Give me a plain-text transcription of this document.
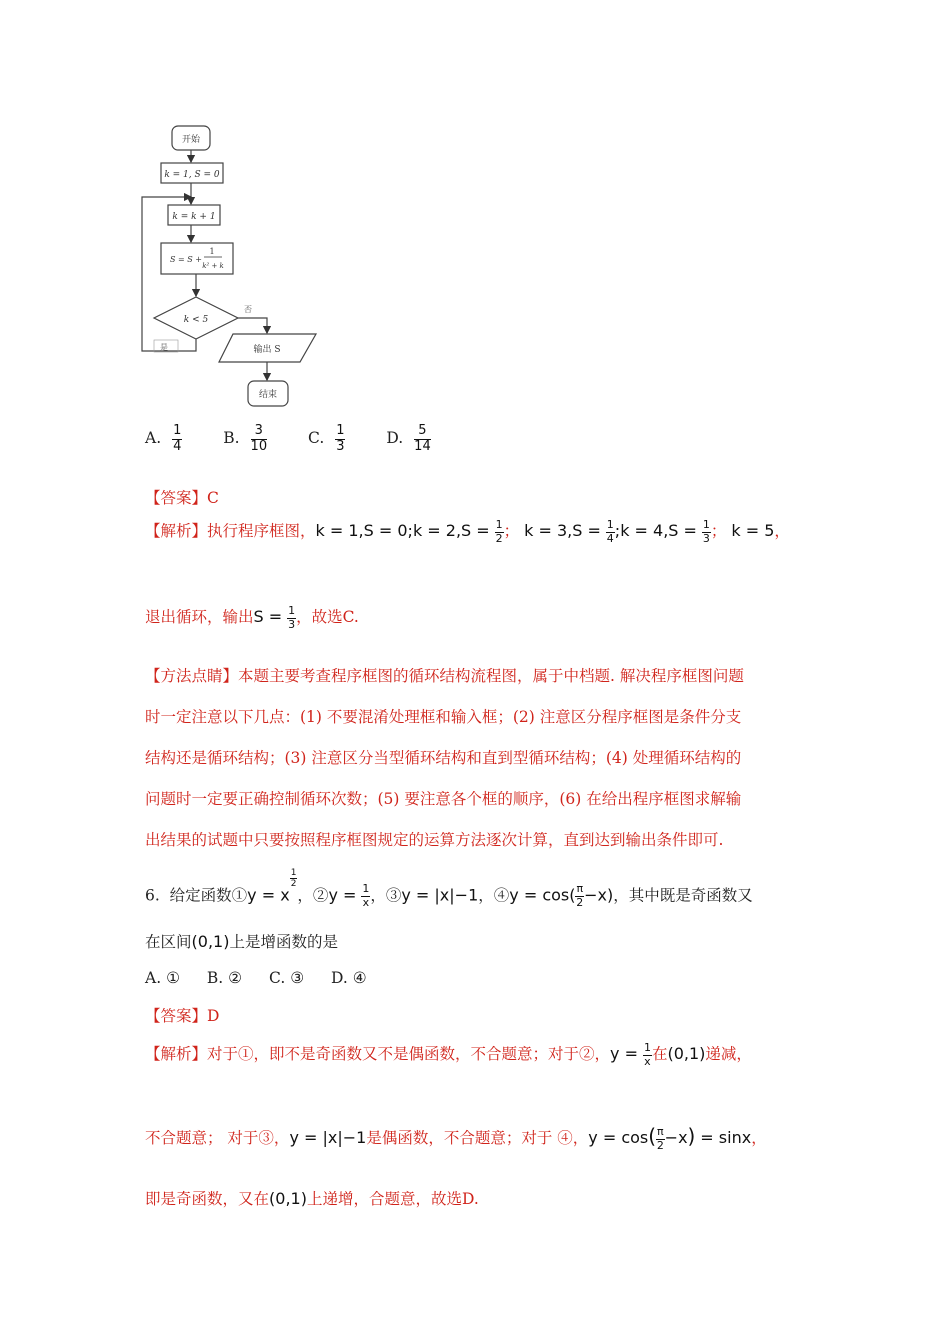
开始
k = 1, S = 0
k = k + 1
S = S +
1
k² + k
k < 5
否
是	输出 S
结束
A. $\frac{1}{4}$	B. $\frac{3}{10}$	C. $\frac{1}{3}$	D. $\frac{5}{14}$
【答案】C
【解析】执行程序框图，k = 1,S = 0;k = $2,S = \frac{1}{2}$ ； $k = 3,S = \frac{1}{4}$ ;k = $4,S = \frac{1}{3}$ ； k = 5，
退出循环，输出$S = \frac{1}{3}$ ，故选C.
【方法点睛】本题主要考查程序框图的循环结构流程图，属于中档题. 解决程序框图问题
时一定注意以下几点：(1) 不要混淆处理框和输入框；(2) 注意区分程序框图是条件分支
结构还是循环结构；(3) 注意区分当型循环结构和直到型循环结构；(4) 处理循环结构的
问题时一定要正确控制循环次数；(5) 要注意各个框的顺序，(6) 在给出程序框图求解输
出结果的试题中只要按照程序框图规定的运算方法逐次计算，直到达到输出条件即可.
6. 给定函数①y = x
$^{\frac{1}{2}}$
，②y = $\frac{1}{x}$ ，③y = |x|−1，④y = $\cos( \frac{\pi}{2} -x)$，其中既是奇函数又
在区间(0,1)上是增函数的是
A. ① B. ② C. ③ D. ④
【答案】D
【解析】对于①，即不是奇函数又不是偶函数，不合题意；对于②，$y = \frac{1}{x}$ 在(0,1)递减，
不合题意； 对于③，y = |x|−1是偶函数，不合题意；对于 ④，$y = \cos( \frac{\pi}{2} -x) = \sin x$，
即是奇函数，又在(0,1)上递增，合题意，故选D.
